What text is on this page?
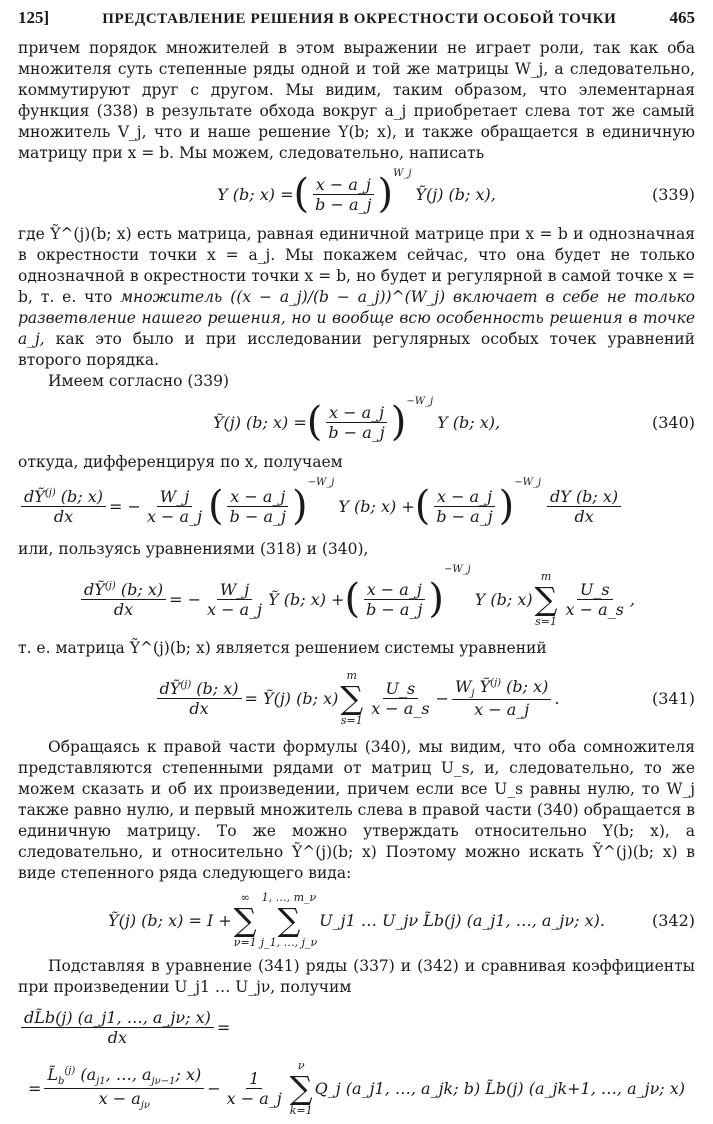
125]	ПРЕДСТАВЛЕНИЕ РЕШЕНИЯ В ОКРЕСТНОСТИ ОСОБОЙ ТОЧКИ	465

причем порядок множителей в этом выражении не играет роли, так как оба множителя суть степенные ряды одной и той же матрицы W_j, а следовательно, коммутируют друг с другом. Мы видим, таким образом, что элементарная функция (338) в результате обхода вокруг a_j приобретает слева тот же самый множитель V_j, что и наше решение Y(b; x), и также обращается в единичную матрицу при x = b. Мы можем, следовательно, написать

Y (b; x) = ( $\frac{x - a\_j}{b - a\_j} )^{W\_j}$
Ỹ(j) (b; x),	(339)

где Ỹ^(j)(b; x) есть матрица, равная единичной матрице при x = b и однозначная в окрестности точки x = a_j. Мы покажем сейчас, что она будет не только однозначной в окрестности точки x = b, но будет и регулярной в самой точке x = b, т. е. что множитель ((x − a_j)/(b − a_j))^(W_j) включает в себе не только разветвление нашего решения, но и вообще всю особенность решения в точке a_j, как это было и при исследовании регулярных особых точек уравнений второго порядка.

Имеем согласно (339)

Ỹ(j) (b; x) = ( $\frac{x - a\_j}{b - a\_j} )^{-W\_j}$
Y (b; x),	(340)

откуда, дифференцируя по x, получаем

$\frac{dỸ^{(j)} (b; x)}{dx}$ = − $\frac{W\_j}{x - a\_j}$ ( $\frac{x - a\_j}{b - a\_j}$ )
$^{-W\_j}$
Y (b; x) + ( $\frac{x - a\_j}{b - a\_j}$ )
$^{-W\_j}$
$\frac{dY (b; x)}{dx}$

или, пользуясь уравнениями (318) и (340),

$\frac{dỸ^{(j)} (b; x)}{dx}$ = − $\frac{W\_j}{x - a\_j}$ Ỹ (b; x) + ( $\frac{x - a\_j}{b - a\_j}$ )
−W_j
Y (b; x)
m
∑
s=1
$\frac{U\_s}{x - a\_s}$ ,

т. е. матрица Ỹ^(j)(b; x) является решением системы уравнений

$\frac{dỸ^{(j)} (b; x)}{dx}$ = Ỹ(j) (b; x)
m
∑
s=1
$\frac{U\_s}{x - a\_s} - \frac{W_j Ỹ^{(j)} (b; x)}{x - a\_j}$ .	(341)

Обращаясь к правой части формулы (340), мы видим, что оба сомножителя представляются степенными рядами от матриц U_s, и, следовательно, то же можем сказать и об их произведении, причем если все U_s равны нулю, то W_j также равно нулю, и первый множитель слева в правой части (340) обращается в единичную матрицу. То же можно утверждать относительно Y(b; x), а следовательно, и относительно Ỹ^(j)(b; x) Поэтому можно искать Ỹ^(j)(b; x) в виде степенного ряда следующего вида:

Ỹ(j) (b; x) = I +
∞
∑
ν=1
1, …, m_ν
∑
j_1, …, j_ν
U_j1 … U_jν L̃b(j) (a_j1, …, a_jν; x).	(342)

Подставляя в уравнение (341) ряды (337) и (342) и сравнивая коэффициенты при произведении U_j1 … U_jν, получим

$\frac{dL̃b(j) (a\_j1, \dots, a\_j\nu; x)}{dx}$ =
= $\frac{L̃_b^{(j)} (a_{j1}, \dots, a_{j\nu-1}; x)}{x - a_{j\nu}} - \frac{1}{x - a\_j}$
ν
∑
k=1
Q_j (a_j1, …, a_jk; b) L̃b(j) (a_jk+1, …, a_jν; x)
